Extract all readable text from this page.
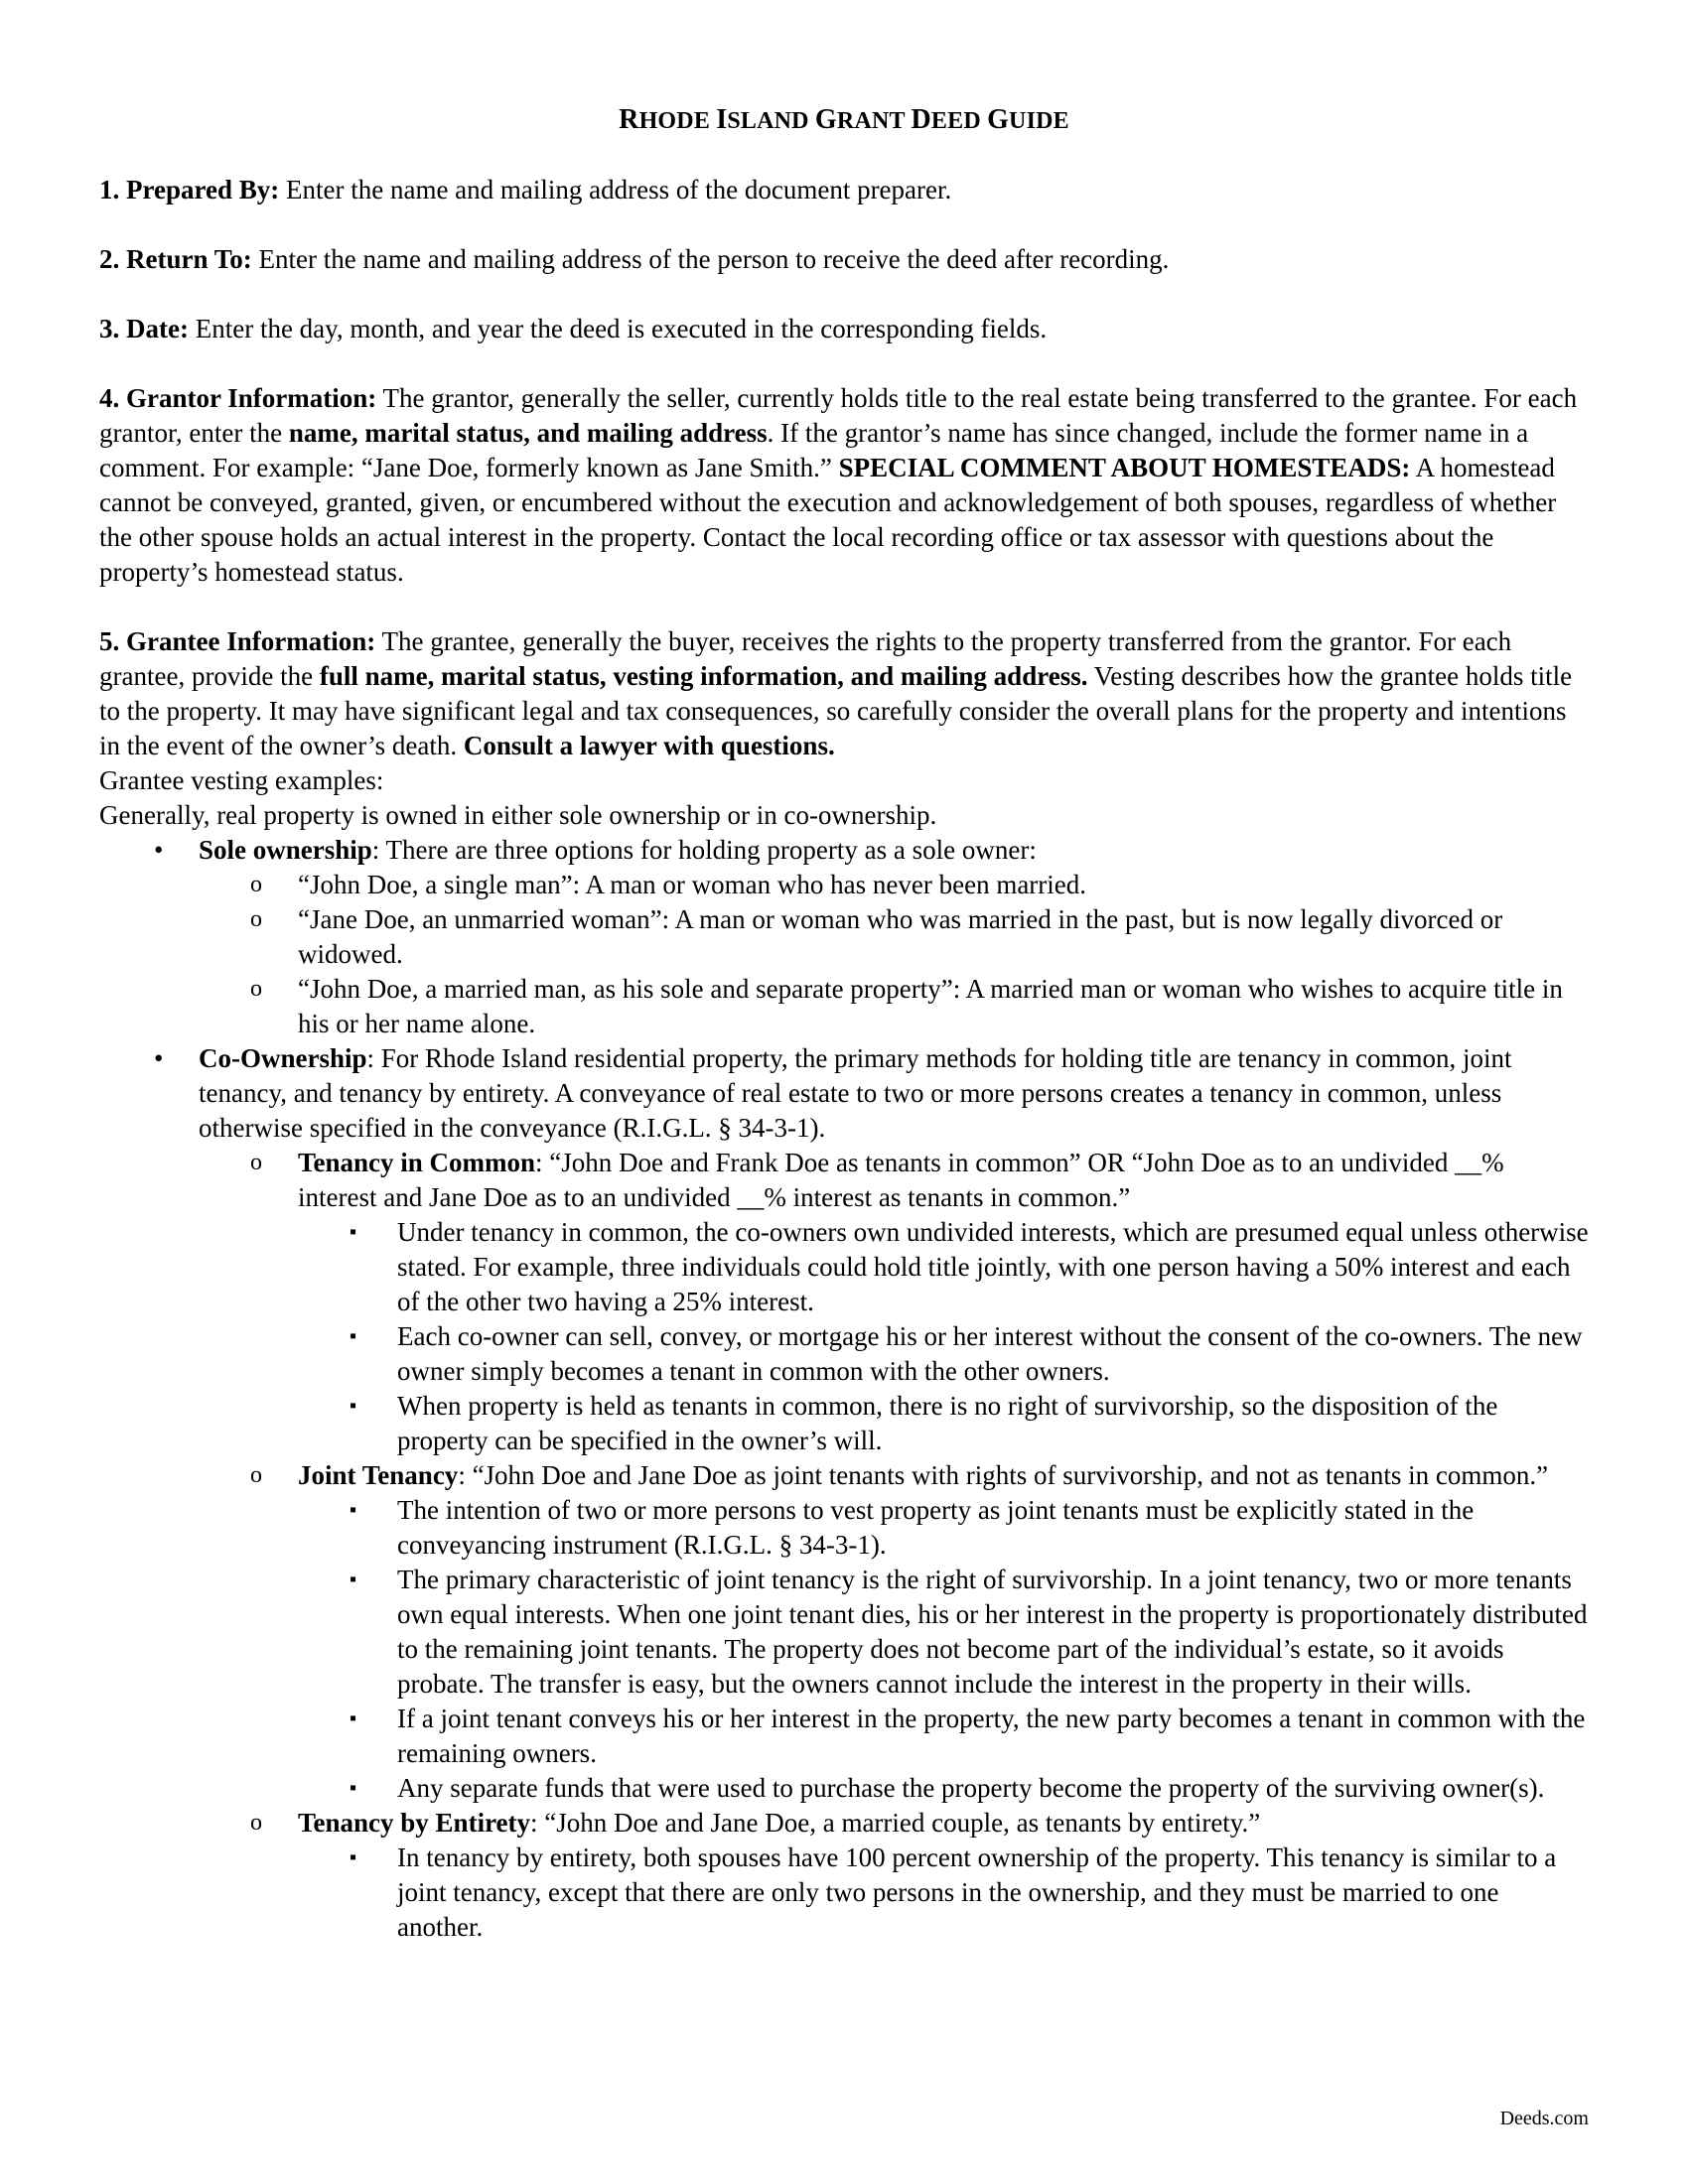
RHODE ISLAND GRANT DEED GUIDE

1. Prepared By: Enter the name and mailing address of the document preparer.

2. Return To: Enter the name and mailing address of the person to receive the deed after recording.

3. Date: Enter the day, month, and year the deed is executed in the corresponding fields.

4. Grantor Information: The grantor, generally the seller, currently holds title to the real estate being transferred to the grantee. For each grantor, enter the name, marital status, and mailing address. If the grantor’s name has since changed, include the former name in a comment. For example: “Jane Doe, formerly known as Jane Smith.” SPECIAL COMMENT ABOUT HOMESTEADS: A homestead cannot be conveyed, granted, given, or encumbered without the execution and acknowledgement of both spouses, regardless of whether the other spouse holds an actual interest in the property. Contact the local recording office or tax assessor with questions about the property’s homestead status.

5. Grantee Information: The grantee, generally the buyer, receives the rights to the property transferred from the grantor. For each grantee, provide the full name, marital status, vesting information, and mailing address. Vesting describes how the grantee holds title to the property. It may have significant legal and tax consequences, so carefully consider the overall plans for the property and intentions in the event of the owner’s death. Consult a lawyer with questions.

Grantee vesting examples:

Generally, real property is owned in either sole ownership or in co-ownership.

• Sole ownership: There are three options for holding property as a sole owner:
o “John Doe, a single man”: A man or woman who has never been married.
o “Jane Doe, an unmarried woman”: A man or woman who was married in the past, but is now legally divorced or widowed.
o “John Doe, a married man, as his sole and separate property”: A married man or woman who wishes to acquire title in his or her name alone.
• Co-Ownership: For Rhode Island residential property, the primary methods for holding title are tenancy in common, joint tenancy, and tenancy by entirety. A conveyance of real estate to two or more persons creates a tenancy in common, unless otherwise specified in the conveyance (R.I.G.L. § 34-3-1).
o Tenancy in Common: “John Doe and Frank Doe as tenants in common” OR “John Doe as to an undivided __% interest and Jane Doe as to an undivided __% interest as tenants in common.”
▪ Under tenancy in common, the co-owners own undivided interests, which are presumed equal unless otherwise stated. For example, three individuals could hold title jointly, with one person having a 50% interest and each of the other two having a 25% interest.
▪ Each co-owner can sell, convey, or mortgage his or her interest without the consent of the co-owners. The new owner simply becomes a tenant in common with the other owners.
▪ When property is held as tenants in common, there is no right of survivorship, so the disposition of the property can be specified in the owner’s will.
o Joint Tenancy: “John Doe and Jane Doe as joint tenants with rights of survivorship, and not as tenants in common.”
▪ The intention of two or more persons to vest property as joint tenants must be explicitly stated in the conveyancing instrument (R.I.G.L. § 34-3-1).
▪ The primary characteristic of joint tenancy is the right of survivorship. In a joint tenancy, two or more tenants own equal interests. When one joint tenant dies, his or her interest in the property is proportionately distributed to the remaining joint tenants. The property does not become part of the individual’s estate, so it avoids probate. The transfer is easy, but the owners cannot include the interest in the property in their wills.
▪ If a joint tenant conveys his or her interest in the property, the new party becomes a tenant in common with the remaining owners.
▪ Any separate funds that were used to purchase the property become the property of the surviving owner(s).
o Tenancy by Entirety: “John Doe and Jane Doe, a married couple, as tenants by entirety.”
▪ In tenancy by entirety, both spouses have 100 percent ownership of the property. This tenancy is similar to a joint tenancy, except that there are only two persons in the ownership, and they must be married to one another.
Deeds.com
